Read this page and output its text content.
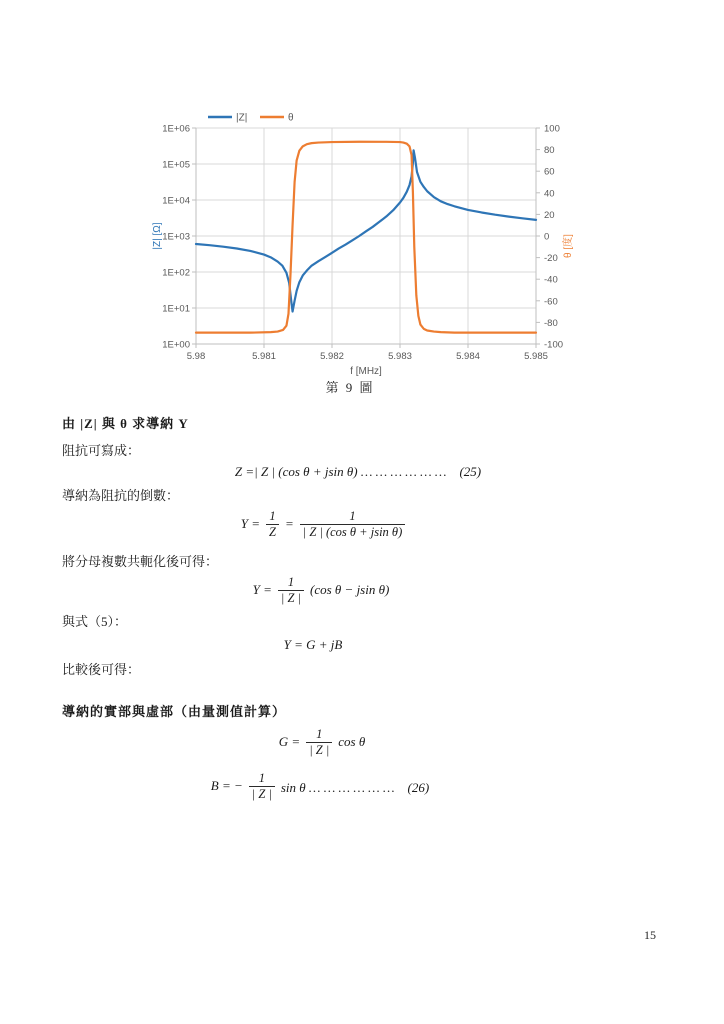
1E+00
1E+01
1E+02
1E+03
1E+04
1E+05
1E+06
-100
-80
-60
-40
-20
0
20
40
60
80
100
5.98	5.981	5.982	5.983	5.984	5.985
f [MHz]
|Z| [Ω]	θ [度]
|Z|	θ
第 9 圖
由 |Z| 與 θ 求導納 Y
阻抗可寫成：
Z =| Z | (cos θ + jsin θ) … … … … … …　(25)
導納為阻抗的倒數：
$Y = \frac{1}{Z} = \frac{1}{\text{| Z | (cos θ + jsin θ)}}$
將分母複數共軛化後可得：
$Y = \frac{1}{| Z |} (\cos$ θ − jsin θ)
與式（5）：
Y = G + jB
比較後可得：
導納的實部與虛部（由量測值計算）
$G = \frac{1}{| Z |}$ cos θ
B = − $\frac{1}{| Z |}$ sin θ … … … … … …　(26)
15
